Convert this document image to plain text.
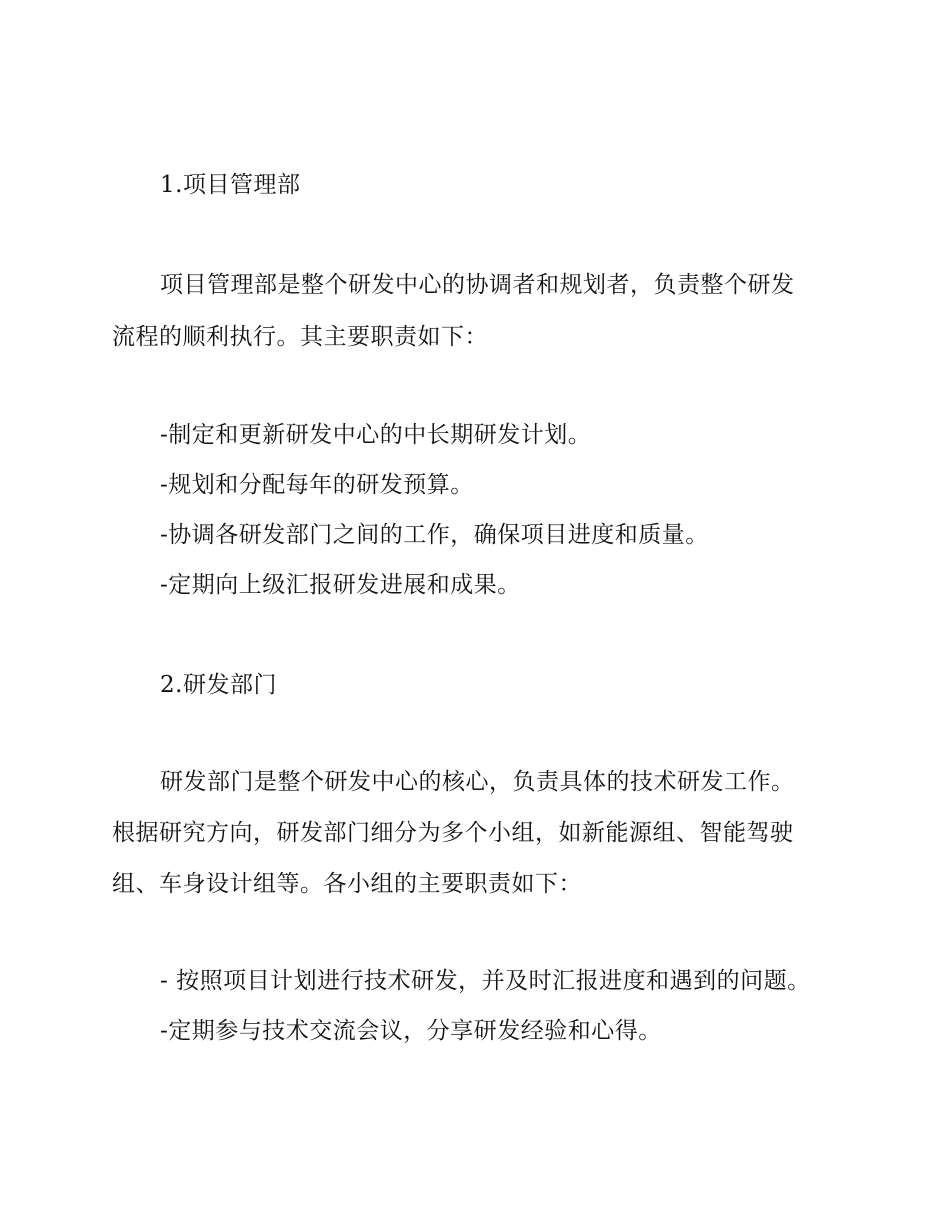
1.项目管理部
项目管理部是整个研发中心的协调者和规划者，负责整个研发
流程的顺利执行。其主要职责如下：
-制定和更新研发中心的中长期研发计划。
-规划和分配每年的研发预算。
-协调各研发部门之间的工作，确保项目进度和质量。
-定期向上级汇报研发进展和成果。
2.研发部门
研发部门是整个研发中心的核心，负责具体的技术研发工作。
根据研究方向，研发部门细分为多个小组，如新能源组、智能驾驶
组、车身设计组等。各小组的主要职责如下：
- 按照项目计划进行技术研发，并及时汇报进度和遇到的问题。
-定期参与技术交流会议，分享研发经验和心得。
